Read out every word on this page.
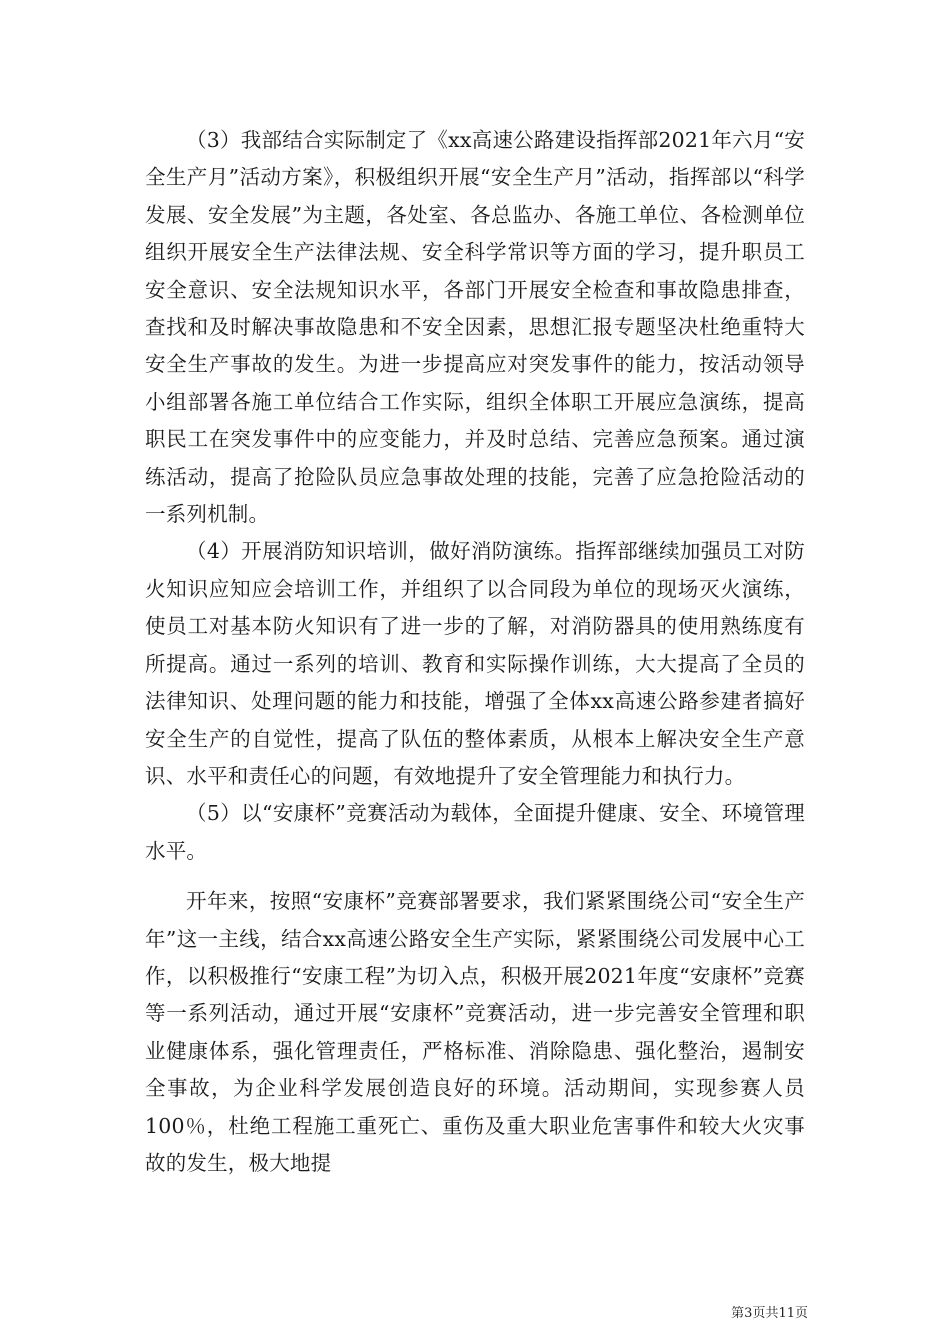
（3）我部结合实际制定了《xx高速公路建设指挥部2021年六月“安全生产月”活动方案》，积极组织开展“安全生产月”活动，指挥部以“科学发展、安全发展”为主题，各处室、各总监办、各施工单位、各检测单位组织开展安全生产法律法规、安全科学常识等方面的学习，提升职员工安全意识、安全法规知识水平，各部门开展安全检查和事故隐患排查，查找和及时解决事故隐患和不安全因素，思想汇报专题坚决杜绝重特大安全生产事故的发生。为进一步提高应对突发事件的能力，按活动领导小组部署各施工单位结合工作实际，组织全体职工开展应急演练，提高职民工在突发事件中的应变能力，并及时总结、完善应急预案。通过演练活动，提高了抢险队员应急事故处理的技能，完善了应急抢险活动的一系列机制。

（4）开展消防知识培训，做好消防演练。指挥部继续加强员工对防火知识应知应会培训工作，并组织了以合同段为单位的现场灭火演练，使员工对基本防火知识有了进一步的了解，对消防器具的使用熟练度有所提高。通过一系列的培训、教育和实际操作训练，大大提高了全员的法律知识、处理问题的能力和技能，增强了全体xx高速公路参建者搞好安全生产的自觉性，提高了队伍的整体素质，从根本上解决安全生产意识、水平和责任心的问题，有效地提升了安全管理能力和执行力。

（5）以“安康杯”竞赛活动为载体，全面提升健康、安全、环境管理水平。

开年来，按照“安康杯”竞赛部署要求，我们紧紧围绕公司“安全生产年”这一主线，结合xx高速公路安全生产实际，紧紧围绕公司发展中心工作，以积极推行“安康工程”为切入点，积极开展2021年度“安康杯”竞赛等一系列活动，通过开展“安康杯”竞赛活动，进一步完善安全管理和职业健康体系，强化管理责任，严格标准、消除隐患、强化整治，遏制安全事故，为企业科学发展创造良好的环境。活动期间，实现参赛人员100％，杜绝工程施工重死亡、重伤及重大职业危害事件和较大火灾事故的发生，极大地提

第3页共11页
